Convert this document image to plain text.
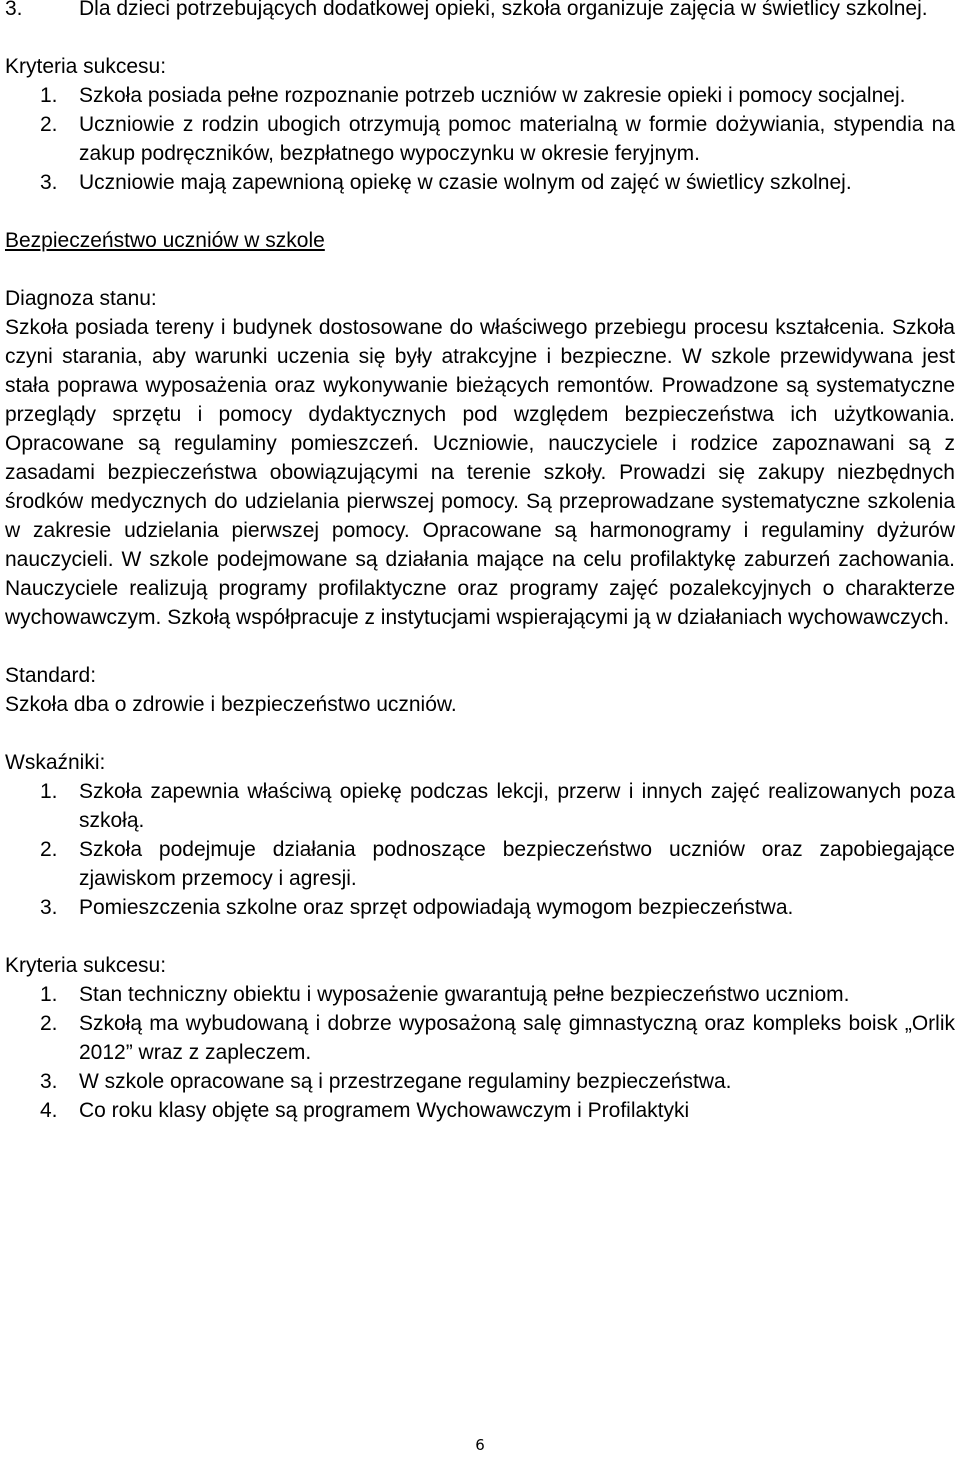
3.	Dla dzieci potrzebujących dodatkowej opieki, szkoła organizuje zajęcia w świetlicy szkolnej.

Kryteria sukcesu:

1. Szkoła posiada pełne rozpoznanie potrzeb uczniów w zakresie opieki i pomocy socjalnej.
2. Uczniowie z rodzin ubogich otrzymują pomoc materialną w formie dożywiania, stypendia na zakup podręczników, bezpłatnego wypoczynku w okresie feryjnym.
3. Uczniowie mają zapewnioną opiekę w czasie wolnym od zajęć w świetlicy szkolnej.

Bezpieczeństwo uczniów w szkole

Diagnoza stanu:

Szkoła posiada tereny i budynek dostosowane do właściwego przebiegu procesu kształcenia. Szkoła czyni starania, aby warunki uczenia się były atrakcyjne i bezpieczne. W szkole przewidywana jest stała poprawa wyposażenia oraz wykonywanie bieżących remontów. Prowadzone są systematyczne przeglądy sprzętu i pomocy dydaktycznych pod względem bezpieczeństwa ich użytkowania. Opracowane są regulaminy pomieszczeń. Uczniowie, nauczyciele i rodzice zapoznawani są z zasadami bezpieczeństwa obowiązującymi na terenie szkoły. Prowadzi się zakupy niezbędnych środków medycznych do udzielania pierwszej pomocy. Są przeprowadzane systematyczne szkolenia w zakresie udzielania pierwszej pomocy. Opracowane są harmonogramy i regulaminy dyżurów nauczycieli. W szkole podejmowane są działania mające na celu profilaktykę zaburzeń zachowania. Nauczyciele realizują programy profilaktyczne oraz programy zajęć pozalekcyjnych o charakterze wychowawczym. Szkołą współpracuje z instytucjami wspierającymi ją w działaniach wychowawczych.

Standard:

Szkoła dba o zdrowie i bezpieczeństwo uczniów.

Wskaźniki:

1. Szkoła zapewnia właściwą opiekę podczas lekcji, przerw i innych zajęć realizowanych poza szkołą.
2. Szkoła podejmuje działania podnoszące bezpieczeństwo uczniów oraz zapobiegające zjawiskom przemocy i agresji.
3. Pomieszczenia szkolne oraz sprzęt odpowiadają wymogom bezpieczeństwa.

Kryteria sukcesu:

1. Stan techniczny obiektu i wyposażenie gwarantują pełne bezpieczeństwo uczniom.
2. Szkołą ma wybudowaną i dobrze wyposażoną salę gimnastyczną oraz kompleks boisk „Orlik 2012” wraz z zapleczem.
3. W szkole opracowane są i przestrzegane regulaminy bezpieczeństwa.
4. Co roku klasy objęte są programem Wychowawczym i Profilaktyki
6
